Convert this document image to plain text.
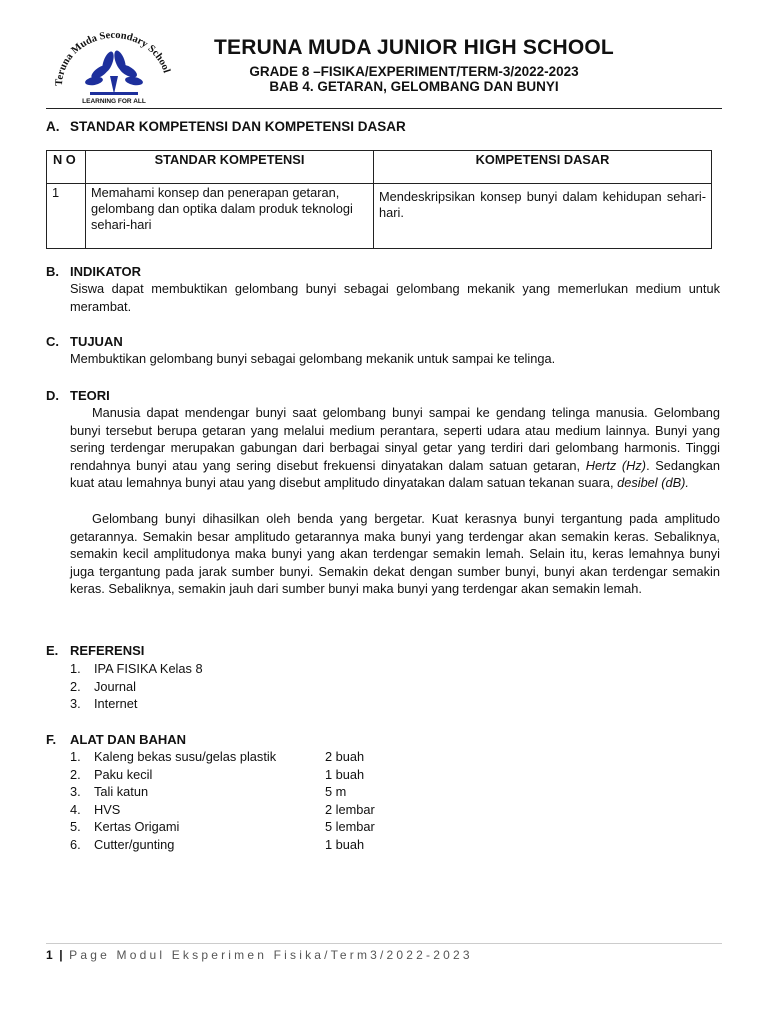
Teruna Muda Secondary School
LEARNING FOR ALL
TERUNA MUDA JUNIOR HIGH SCHOOL
GRADE 8 –FISIKA/EXPERIMENT/TERM-3/2022-2023
BAB 4. GETARAN, GELOMBANG DAN BUNYI
A. STANDAR KOMPETENSI DAN KOMPETENSI DASAR
N O	STANDAR KOMPETENSI	KOMPETENSI DASAR
1	Memahami konsep dan penerapan getaran, gelombang dan optika dalam produk teknologi sehari-hari	Mendeskripsikan konsep bunyi dalam kehidupan sehari-hari.
B. INDIKATOR
Siswa dapat membuktikan gelombang bunyi sebagai gelombang mekanik yang memerlukan medium untuk merambat.
C. TUJUAN
Membuktikan gelombang bunyi sebagai gelombang mekanik untuk sampai ke telinga.
D. TEORI
Manusia dapat mendengar bunyi saat gelombang bunyi sampai ke gendang telinga manusia. Gelombang bunyi tersebut berupa getaran yang melalui medium perantara, seperti udara atau medium lainnya. Bunyi yang sering terdengar merupakan gabungan dari berbagai sinyal getar yang terdiri dari gelombang harmonis. Tinggi rendahnya bunyi atau yang sering disebut frekuensi dinyatakan dalam satuan getaran, Hertz (Hz). Sedangkan kuat atau lemahnya bunyi atau yang disebut amplitudo dinyatakan dalam satuan tekanan suara, desibel (dB).
Gelombang bunyi dihasilkan oleh benda yang bergetar. Kuat kerasnya bunyi tergantung pada amplitudo getarannya. Semakin besar amplitudo getarannya maka bunyi yang terdengar akan semakin keras. Sebaliknya, semakin kecil amplitudonya maka bunyi yang akan terdengar semakin lemah. Selain itu, keras lemahnya bunyi juga tergantung pada jarak sumber bunyi. Semakin dekat dengan sumber bunyi, bunyi akan terdengar semakin keras. Sebaliknya, semakin jauh dari sumber bunyi maka bunyi yang terdengar akan semakin lemah.
E. REFERENSI
1. IPA FISIKA Kelas 8
2. Journal
3. Internet
F. ALAT DAN BAHAN
1. Kaleng bekas susu/gelas plastik	2 buah
2. Paku kecil	1 buah
3. Tali katun	5 m
4. HVS	2 lembar
5. Kertas Origami	5 lembar
6. Cutter/gunting	1 buah
1 | Page Modul Eksperimen Fisika/Term3/2022-2023
